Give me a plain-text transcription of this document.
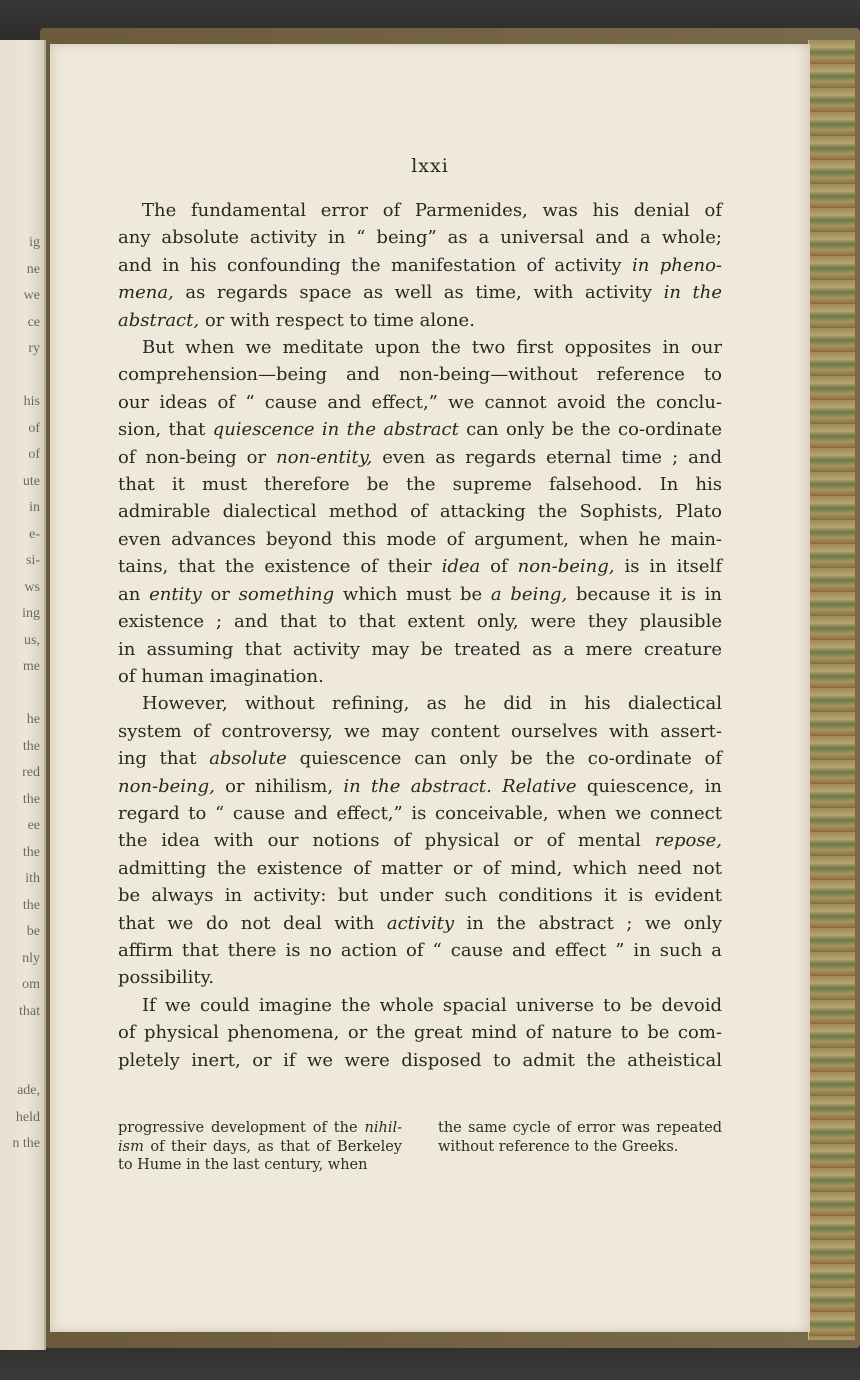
ig
ne
we
ce
ry

his
of
of
ute
in
e-
si-
ws
ing
us,
me

he
the
red
the
ee
the
ith
the
be
nly
om
that

ade,
held
n the
lxxi
The fundamental error of Parmenides, was his denial of
any absolute activity in “ being” as a universal and a whole;
and in his confounding the manifestation of activity in pheno-
mena, as regards space as well as time, with activity in the
abstract, or with respect to time alone.
But when we meditate upon the two first opposites in our
comprehension—being and non-being—without reference to
our ideas of “ cause and effect,” we cannot avoid the conclu-
sion, that quiescence in the abstract can only be the co-ordinate
of non-being or non-entity, even as regards eternal time ; and
that it must therefore be the supreme falsehood. In his
admirable dialectical method of attacking the Sophists, Plato
even advances beyond this mode of argument, when he main-
tains, that the existence of their idea of non-being, is in itself
an entity or something which must be a being, because it is in
existence ; and that to that extent only, were they plausible
in assuming that activity may be treated as a mere creature
of human imagination.
However, without refining, as he did in his dialectical
system of controversy, we may content ourselves with assert-
ing that absolute quiescence can only be the co-ordinate of
non-being, or nihilism, in the abstract. Relative quiescence, in
regard to “ cause and effect,” is conceivable, when we connect
the idea with our notions of physical or of mental repose,
admitting the existence of matter or of mind, which need not
be always in activity: but under such conditions it is evident
that we do not deal with activity in the abstract ; we only
affirm that there is no action of “ cause and effect ” in such a
possibility.
If we could imagine the whole spacial universe to be devoid
of physical phenomena, or the great mind of nature to be com-
pletely inert, or if we were disposed to admit the atheistical
progressive development of the nihil-
ism of their days, as that of Berkeley
to Hume in the last century, when
the same cycle of error was repeated
without reference to the Greeks.
